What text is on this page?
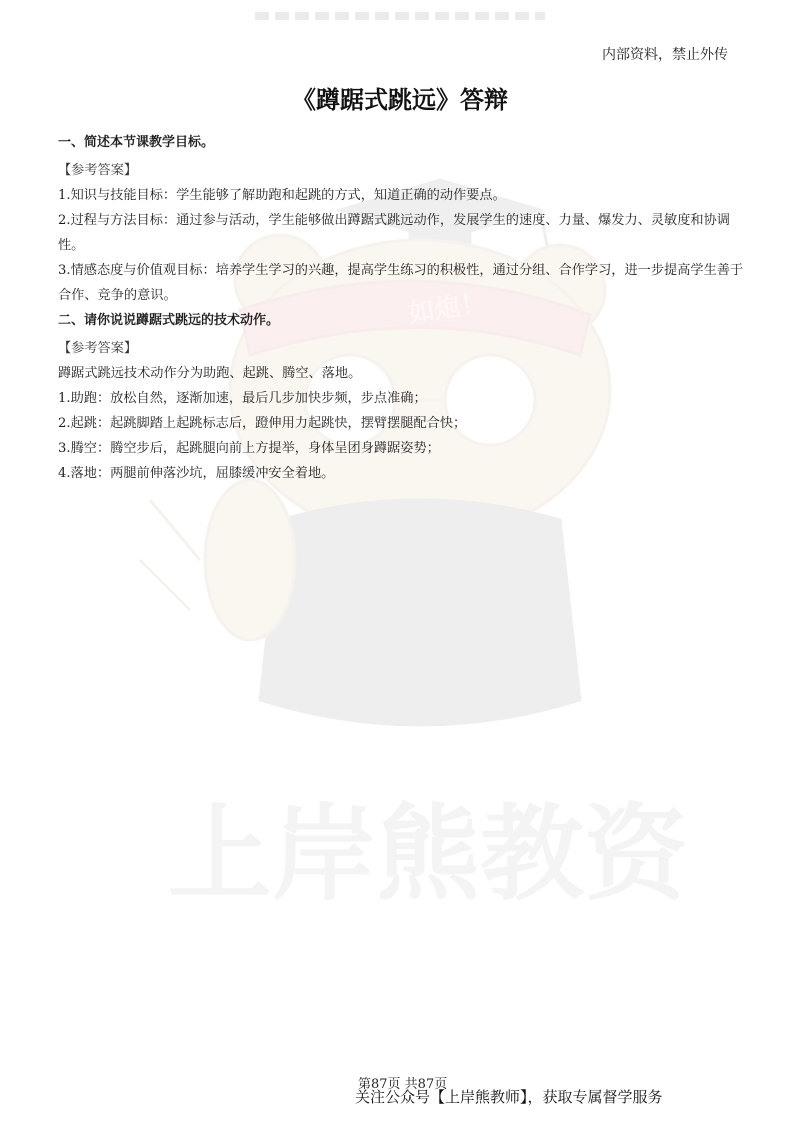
如炮！
内部资料，禁止外传
《蹲踞式跳远》答辩

一、简述本节课教学目标。

【参考答案】

1.知识与技能目标：学生能够了解助跑和起跳的方式，知道正确的动作要点。

2.过程与方法目标：通过参与活动，学生能够做出蹲踞式跳远动作，发展学生的速度、力量、爆发力、灵敏度和协调性。

3.情感态度与价值观目标：培养学生学习的兴趣，提高学生练习的积极性，通过分组、合作学习，进一步提高学生善于合作、竞争的意识。

二、请你说说蹲踞式跳远的技术动作。

【参考答案】

蹲踞式跳远技术动作分为助跑、起跳、腾空、落地。

1.助跑：放松自然，逐渐加速，最后几步加快步频，步点准确；

2.起跳：起跳脚踏上起跳标志后，蹬伸用力起跳快，摆臂摆腿配合快；

3.腾空：腾空步后，起跳腿向前上方提举，身体呈团身蹲踞姿势；

4.落地：两腿前伸落沙坑，屈膝缓冲安全着地。

第87页 共87页
关注公众号【上岸熊教师】，获取专属督学服务
